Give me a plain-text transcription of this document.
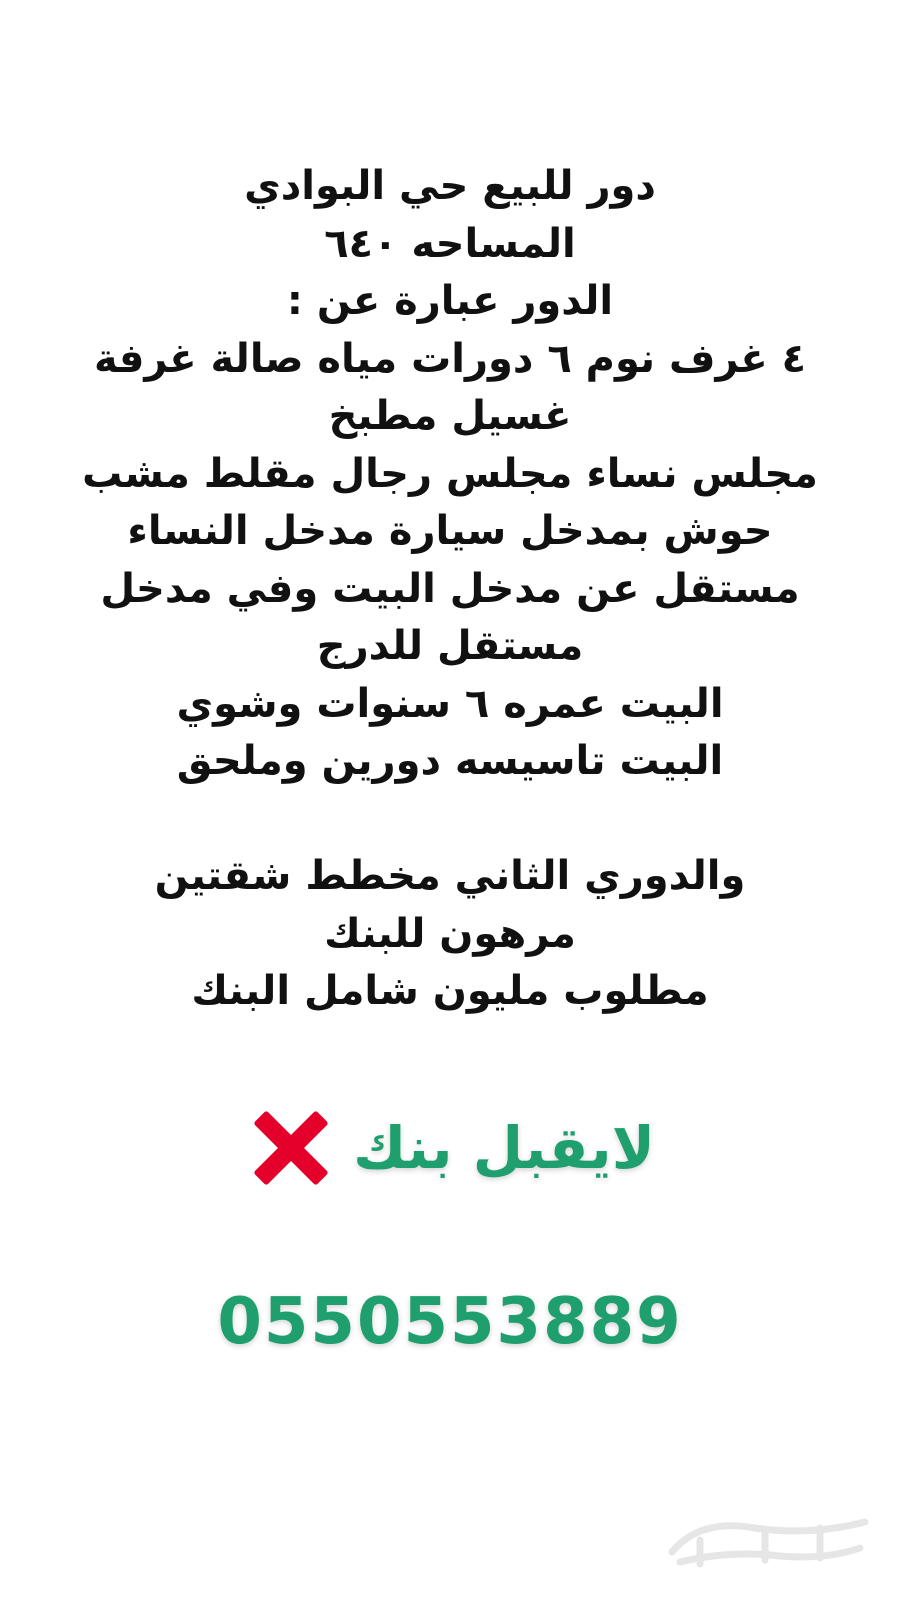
دور للبيع حي البوادي
المساحه ٦٤٠
الدور عبارة عن :
٤ غرف نوم ٦ دورات مياه صالة غرفة
غسيل مطبخ
مجلس نساء مجلس رجال مقلط مشب
حوش بمدخل سيارة مدخل النساء
مستقل عن مدخل البيت وفي مدخل
مستقل للدرج
البيت عمره ٦ سنوات وشوي
البيت تاسيسه دورين وملحق
والدوري الثاني مخطط شقتين
مرهون للبنك
مطلوب مليون شامل البنك
لايقبل بنك
0550553889
